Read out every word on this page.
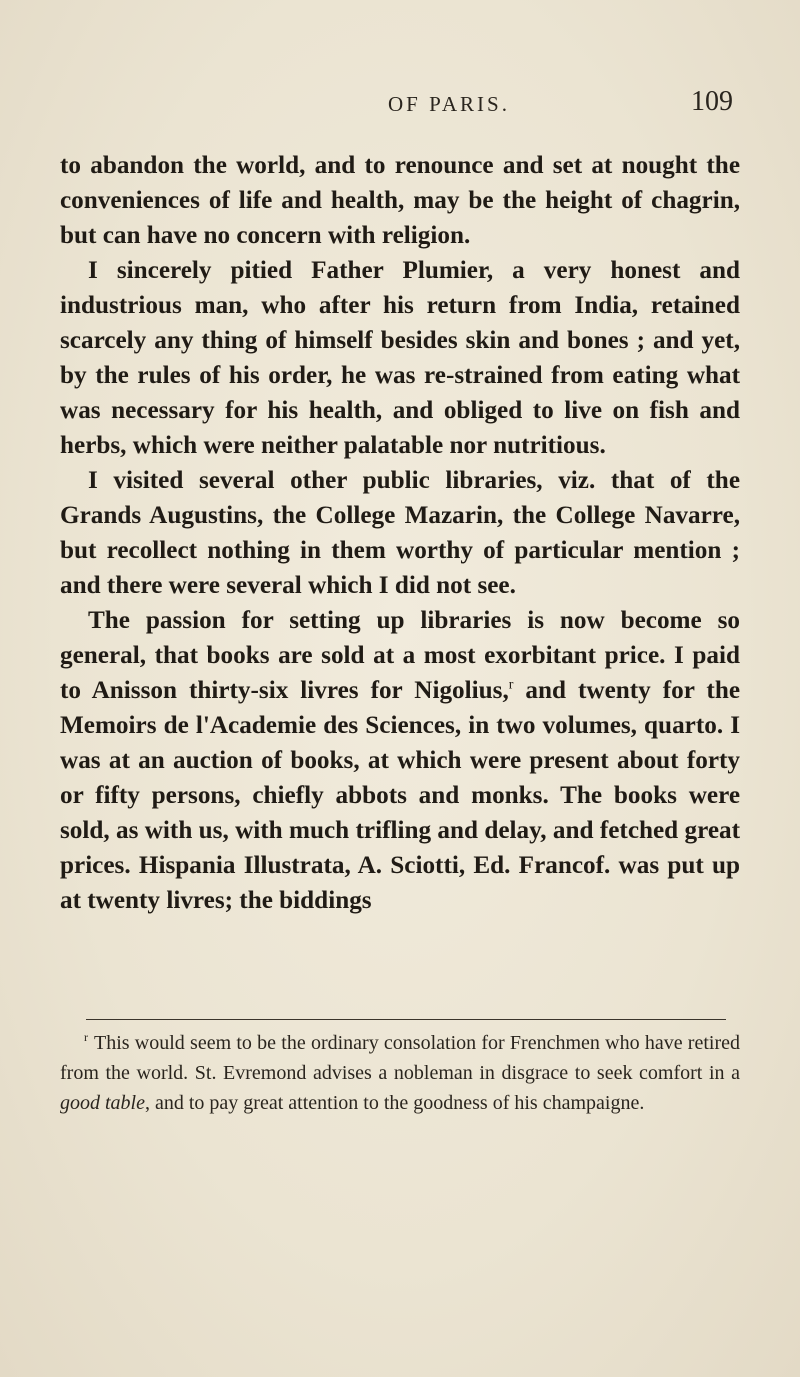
OF PARIS.	109

to abandon the world, and to renounce and set at nought the conveniences of life and health, may be the height of chagrin, but can have no concern with religion.

I sincerely pitied Father Plumier, a very honest and industrious man, who after his return from India, retained scarcely any thing of himself besides skin and bones ; and yet, by the rules of his order, he was re-strained from eating what was necessary for his health, and obliged to live on fish and herbs, which were neither palatable nor nutritious.

I visited several other public libraries, viz. that of the Grands Augustins, the College Mazarin, the College Navarre, but recollect nothing in them worthy of particular mention ; and there were several which I did not see.

The passion for setting up libraries is now become so general, that books are sold at a most exorbitant price. I paid to Anisson thirty-six livres for Nigolius,$^r$ and twenty for the Memoirs de l'Academie des Sciences, in two volumes, quarto. I was at an auction of books, at which were present about forty or fifty persons, chiefly abbots and monks. The books were sold, as with us, with much trifling and delay, and fetched great prices. Hispania Illustrata, A. Sciotti, Ed. Francof. was put up at twenty livres; the biddings

$^r$ This would seem to be the ordinary consolation for Frenchmen who have retired from the world. St. Evremond advises a nobleman in disgrace to seek comfort in a good table, and to pay great attention to the goodness of his champaigne.
